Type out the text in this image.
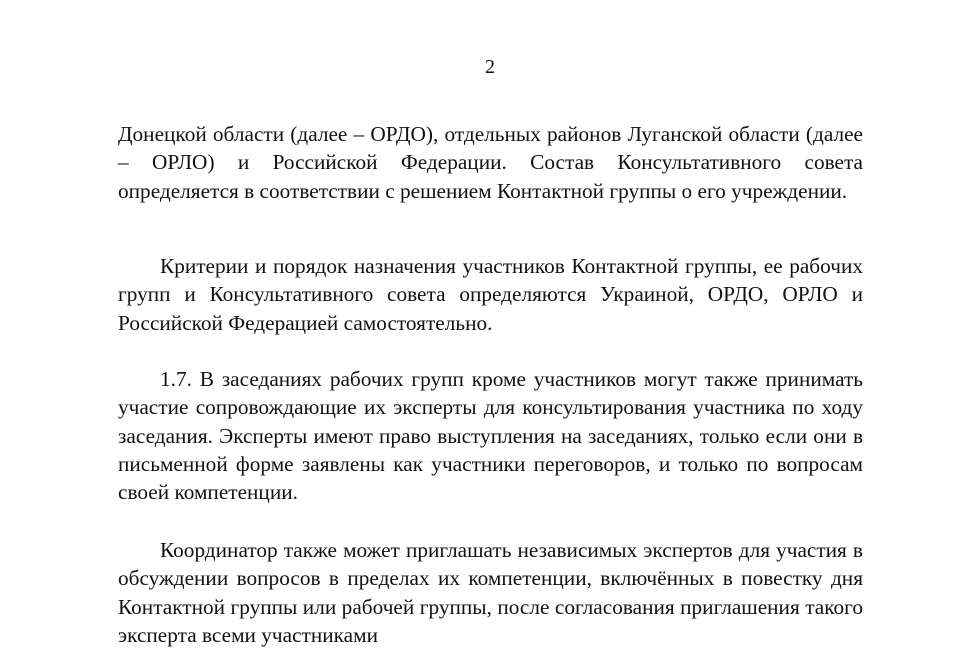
2

Донецкой области (далее – ОРДО), отдельных районов Луганской области (далее – ОРЛО) и Российской Федерации. Состав Консультативного совета определяется в соответствии с решением Контактной группы о его учреждении.

Критерии и порядок назначения участников Контактной группы, ее рабочих групп и Консультативного совета определяются Украиной, ОРДО, ОРЛО и Российской Федерацией самостоятельно.

1.7. В заседаниях рабочих групп кроме участников могут также принимать участие сопровождающие их эксперты для консультирования участника по ходу заседания. Эксперты имеют право выступления на заседаниях, только если они в письменной форме заявлены как участники переговоров, и только по вопросам своей компетенции.

Координатор также может приглашать независимых экспертов для участия в обсуждении вопросов в пределах их компетенции, включённых в повестку дня Контактной группы или рабочей группы, после согласования приглашения такого эксперта всеми участниками
